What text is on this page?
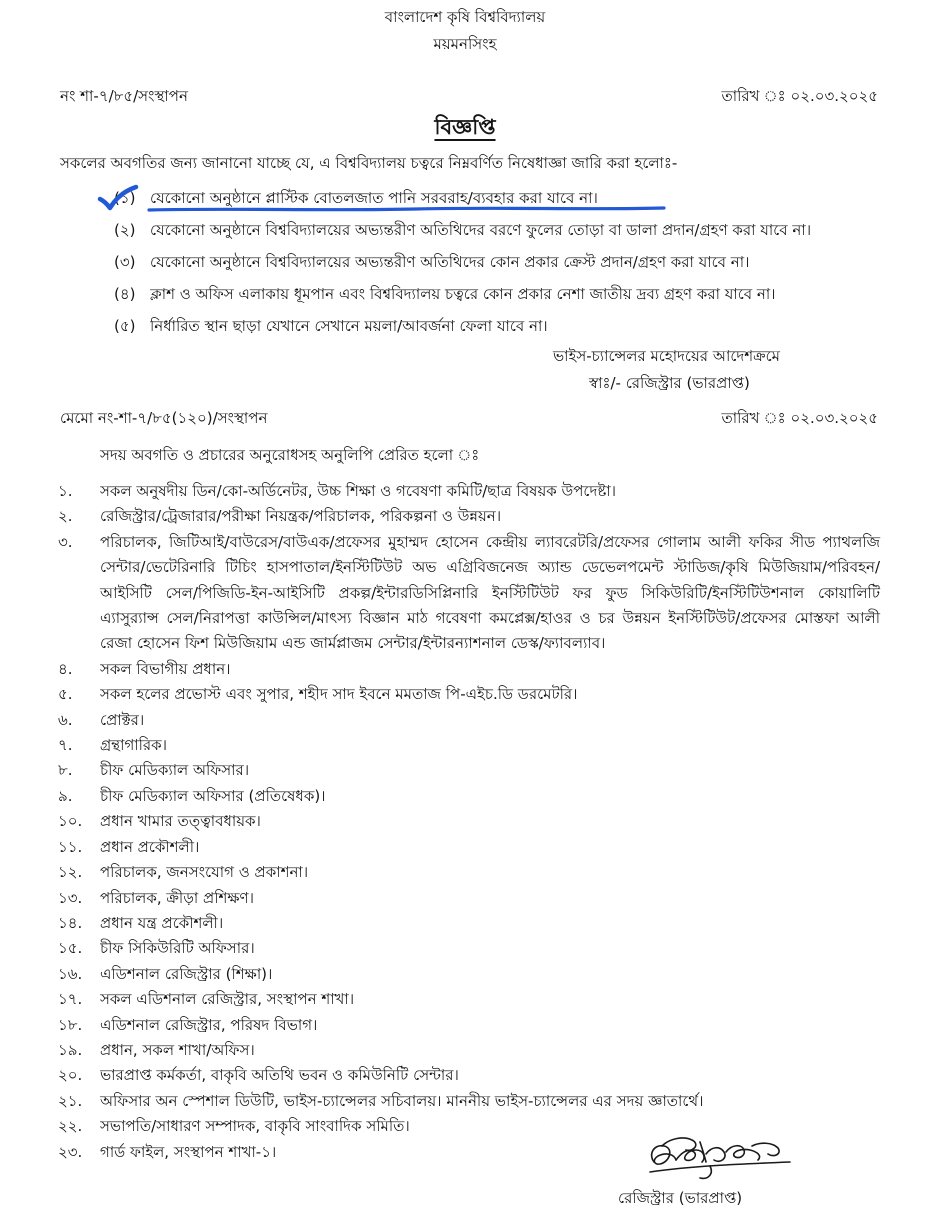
বাংলাদেশ কৃষি বিশ্ববিদ্যালয়
ময়মনসিংহ
নং শা-৭/৮৫/সংস্থাপন	তারিখ ঃ ০২.০৩.২০২৫
বিজ্ঞপ্তি
সকলের অবগতির জন্য জানানো যাচ্ছে যে, এ বিশ্ববিদ্যালয় চত্বরে নিম্নবর্ণিত নিষেধাজ্ঞা জারি করা হলোঃ-
(১) যেকোনো অনুষ্ঠানে প্লাস্টিক বোতলজাত পানি সরবরাহ/ব্যবহার করা যাবে না।
(২) যেকোনো অনুষ্ঠানে বিশ্ববিদ্যালয়ের অভ্যন্তরীণ অতিথিদের বরণে ফুলের তোড়া বা ডালা প্রদান/গ্রহণ করা যাবে না।
(৩) যেকোনো অনুষ্ঠানে বিশ্ববিদ্যালয়ের অভ্যন্তরীণ অতিথিদের কোন প্রকার ক্রেস্ট প্রদান/গ্রহণ করা যাবে না।
(৪) ক্লাশ ও অফিস এলাকায় ধূমপান এবং বিশ্ববিদ্যালয় চত্বরে কোন প্রকার নেশা জাতীয় দ্রব্য গ্রহণ করা যাবে না।
(৫) নির্ধারিত স্থান ছাড়া যেখানে সেখানে ময়লা/আবর্জনা ফেলা যাবে না।
ভাইস-চ্যান্সেলর মহোদয়ের আদেশক্রমে
স্বাঃ/- রেজিস্ট্রার (ভারপ্রাপ্ত)
মেমো নং-শা-৭/৮৫(১২০)/সংস্থাপন	তারিখ ঃ ০২.০৩.২০২৫
সদয় অবগতি ও প্রচারের অনুরোধসহ অনুলিপি প্রেরিত হলো ঃ
১.	সকল অনুষদীয় ডিন/কো-অর্ডিনেটর, উচ্চ শিক্ষা ও গবেষণা কমিটি/ছাত্র বিষয়ক উপদেষ্টা।
২.	রেজিস্ট্রার/ট্রেজারার/পরীক্ষা নিয়ন্ত্রক/পরিচালক, পরিকল্পনা ও উন্নয়ন।
৩.	পরিচালক, জিটিআই/​বাউরেস/​বাউএক/​প্রফেসর মুহাম্মদ হোসেন কেন্দ্রীয় ল্যাবরেটরি/​প্রফেসর গোলাম আলী ফকির সীড প্যাথলজি সেন্টার/​ভেটেরিনারি টিচিং হাসপাতাল/​ইনস্টিটিউট অভ এগ্রিবিজনেজ অ্যান্ড ডেভেলপমেন্ট স্টাডিজ/​কৃষি মিউজিয়াম/​পরিবহন/​আইসিটি সেল/​পিজিডি-ইন-আইসিটি প্রকল্প/​ইন্টারডিসিপ্লিনারি ইনস্টিটিউট ফর ফুড সিকিউরিটি/​ইনস্টিটিউশনাল কোয়ালিটি এ্যাসুর‍্যান্স সেল/​নিরাপত্তা কাউন্সিল/​মাৎস্য বিজ্ঞান মাঠ গবেষণা কমপ্লেক্স/​হাওর ও চর উন্নয়ন ইনস্টিটিউট/​প্রফেসর মোস্তফা আলী রেজা হোসেন ফিশ মিউজিয়াম এন্ড জার্মপ্লাজম সেন্টার/​ইন্টারন্যাশনাল ডেস্ক/​ফ্যাবল্যাব।
৪.	সকল বিভাগীয় প্রধান।
৫.	সকল হলের প্রভোস্ট এবং সুপার, শহীদ সাদ ইবনে মমতাজ পি-এইচ.ডি ডরমেটরি।
৬.	প্রোক্টর।
৭.	গ্রন্থাগারিক।
৮.	চীফ মেডিক্যাল অফিসার।
৯.	চীফ মেডিক্যাল অফিসার (প্রতিষেধক)।
১০.	প্রধান খামার তত্ত্বাবধায়ক।
১১.	প্রধান প্রকৌশলী।
১২.	পরিচালক, জনসংযোগ ও প্রকাশনা।
১৩.	পরিচালক, ক্রীড়া প্রশিক্ষণ।
১৪.	প্রধান যন্ত্র প্রকৌশলী।
১৫.	চীফ সিকিউরিটি অফিসার।
১৬.	এডিশনাল রেজিস্ট্রার (শিক্ষা)।
১৭.	সকল এডিশনাল রেজিস্ট্রার, সংস্থাপন শাখা।
১৮.	এডিশনাল রেজিস্ট্রার, পরিষদ বিভাগ।
১৯.	প্রধান, সকল শাখা/অফিস।
২০.	ভারপ্রাপ্ত কর্মকর্তা, বাকৃবি অতিথি ভবন ও কমিউনিটি সেন্টার।
২১.	অফিসার অন স্পেশাল ডিউটি, ভাইস-চ্যান্সেলর সচিবালয়। মাননীয় ভাইস-চ্যান্সেলর এর সদয় জ্ঞাতার্থে।
২২.	সভাপতি/সাধারণ সম্পাদক, বাকৃবি সাংবাদিক সমিতি।
২৩.	গার্ড ফাইল, সংস্থাপন শাখা-১।
রেজিস্ট্রার (ভারপ্রাপ্ত)
